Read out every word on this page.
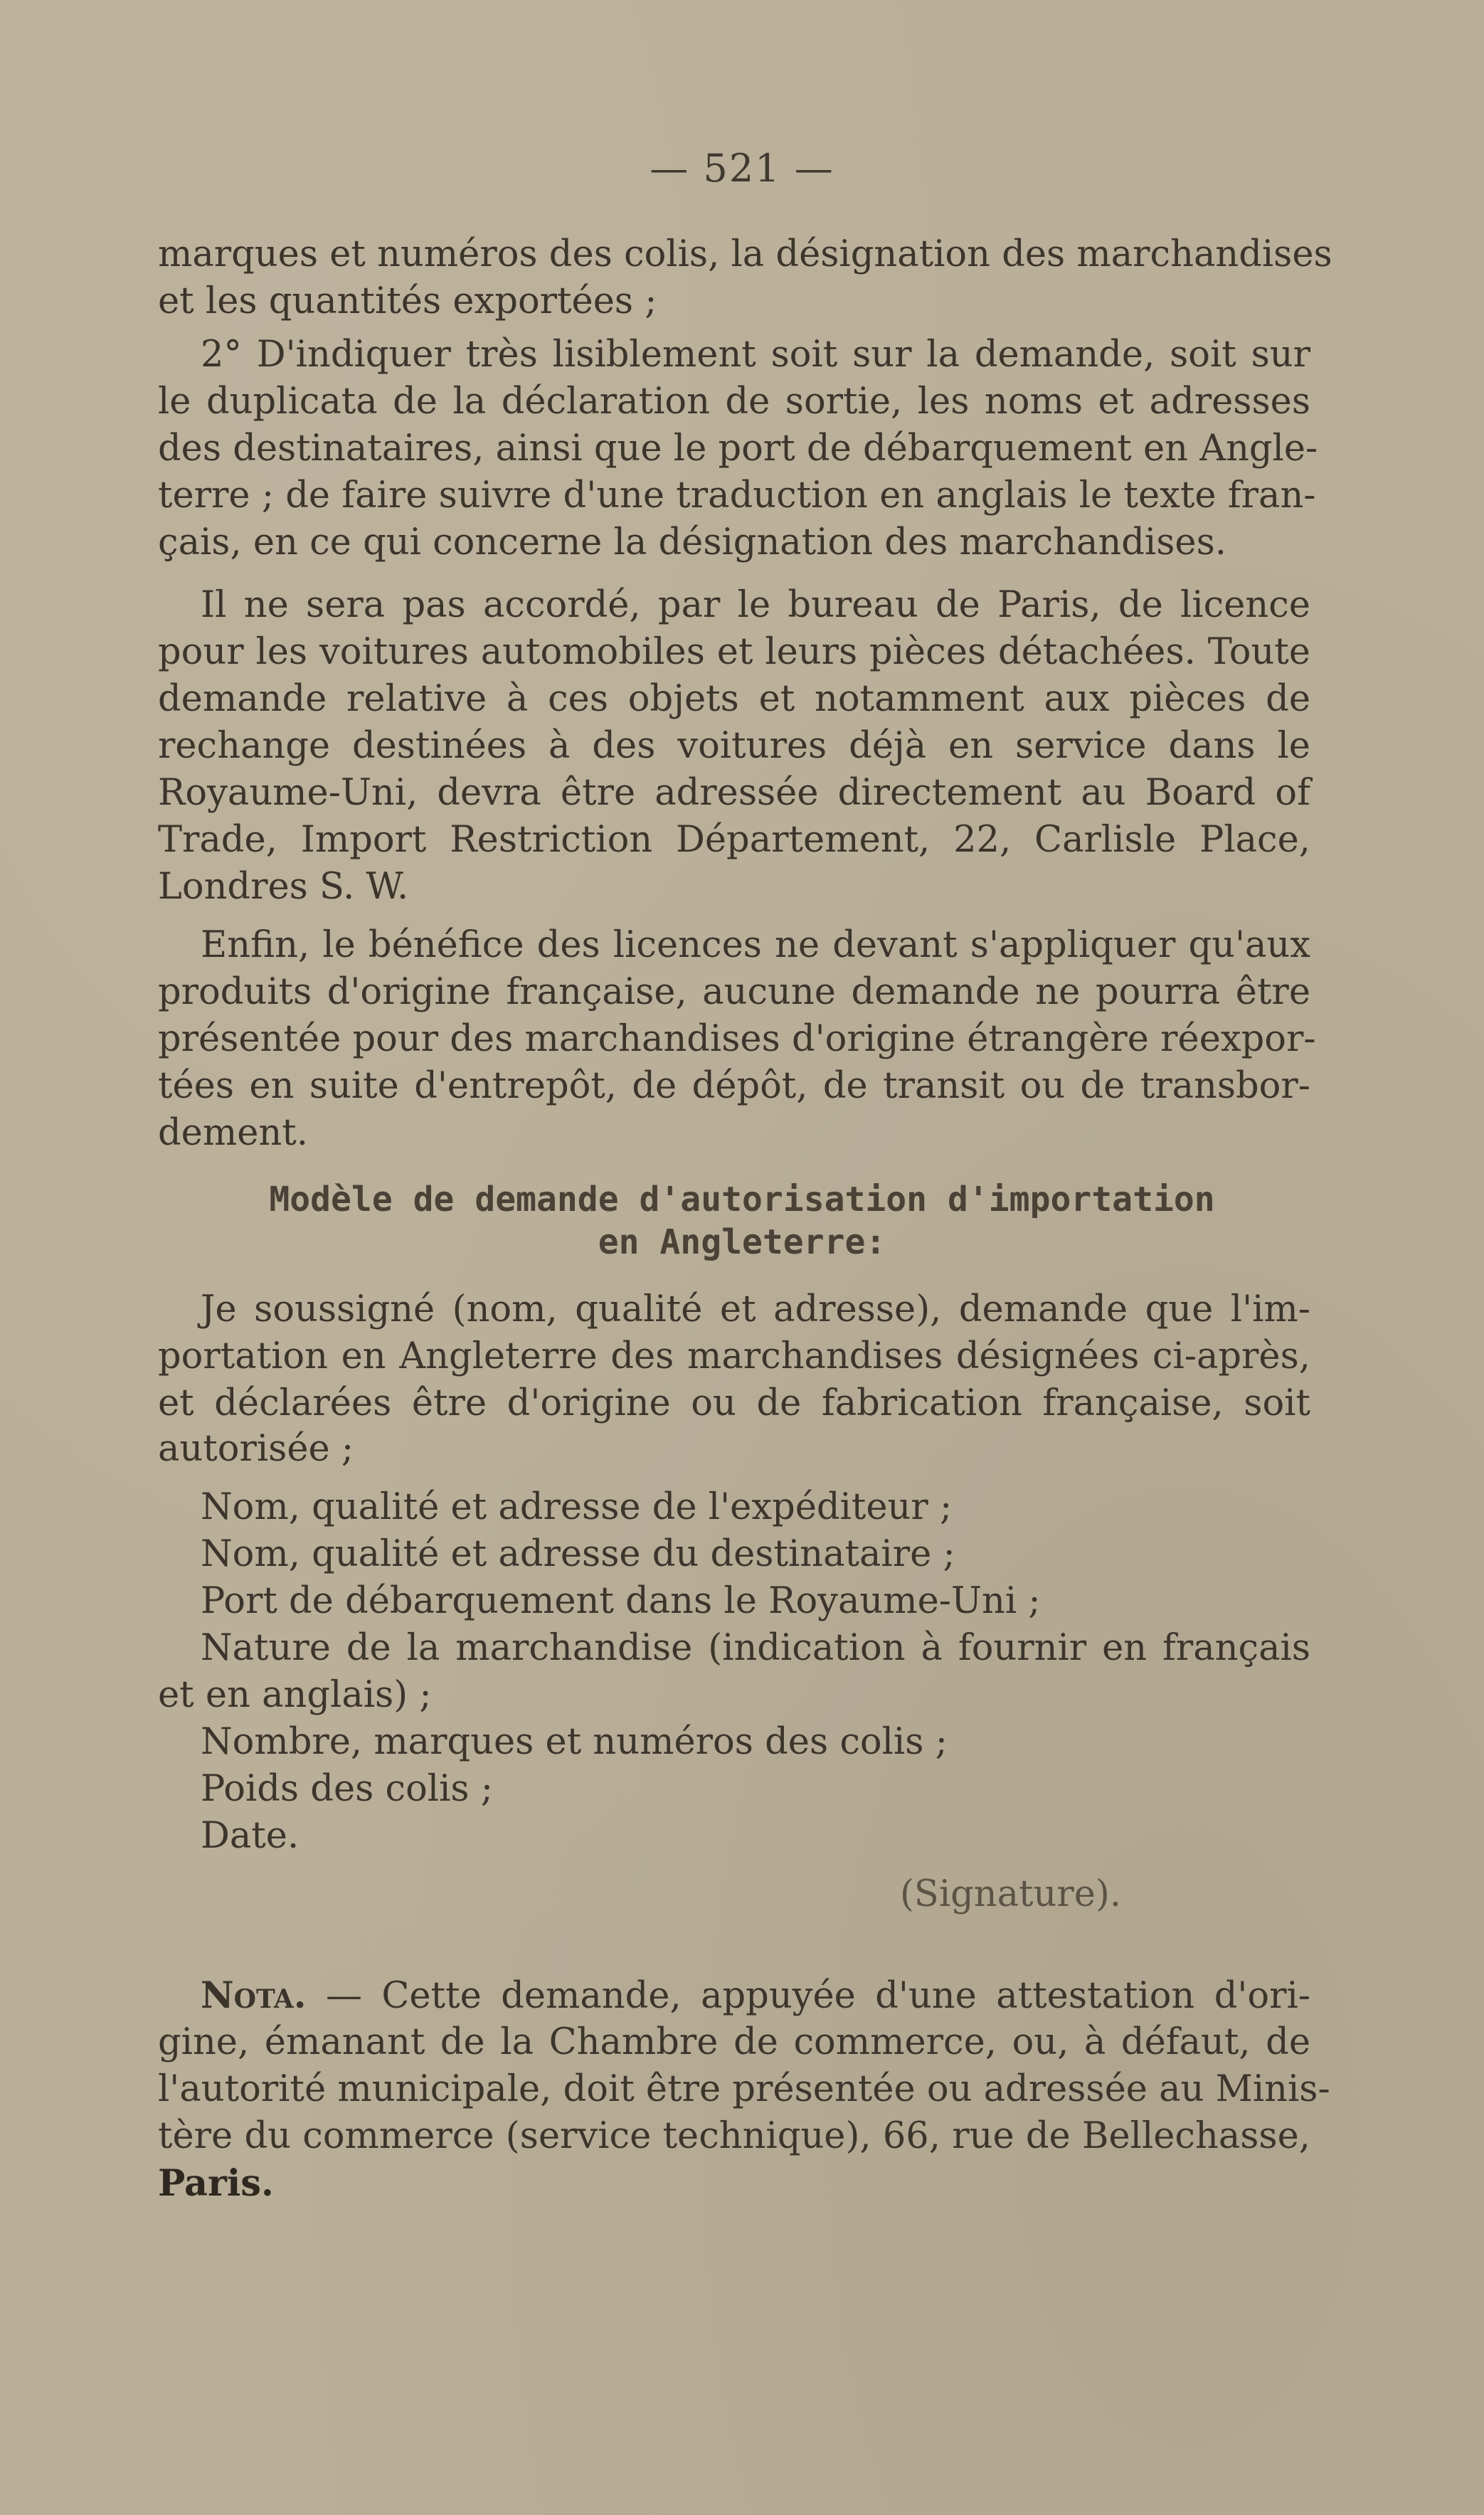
— 521 —
marques et numéros des colis, la désignation des marchandises
et les quantités exportées ;
2° D'indiquer très lisiblement soit sur la demande, soit sur
le duplicata de la déclaration de sortie, les noms et adresses
des destinataires, ainsi que le port de débarquement en Angle-
terre ; de faire suivre d'une traduction en anglais le texte fran-
çais, en ce qui concerne la désignation des marchandises.
Il ne sera pas accordé, par le bureau de Paris, de licence
pour les voitures automobiles et leurs pièces détachées. Toute
demande relative à ces objets et notamment aux pièces de
rechange destinées à des voitures déjà en service dans le
Royaume-Uni, devra être adressée directement au Board of
Trade, Import Restriction Département, 22, Carlisle Place,
Londres S. W.
Enfin, le bénéfice des licences ne devant s'appliquer qu'aux
produits d'origine française, aucune demande ne pourra être
présentée pour des marchandises d'origine étrangère réexpor-
tées en suite d'entrepôt, de dépôt, de transit ou de transbor-
dement.
Modèle de demande d'autorisation d'importation
en Angleterre:
Je soussigné (nom, qualité et adresse), demande que l'im-
portation en Angleterre des marchandises désignées ci-après,
et déclarées être d'origine ou de fabrication française, soit
autorisée ;
Nom, qualité et adresse de l'expéditeur ;
Nom, qualité et adresse du destinataire ;
Port de débarquement dans le Royaume-Uni ;
Nature de la marchandise (indication à fournir en français
et en anglais) ;
Nombre, marques et numéros des colis ;
Poids des colis ;
Date.
(Signature).
Nota. — Cette demande, appuyée d'une attestation d'ori-
gine, émanant de la Chambre de commerce, ou, à défaut, de
l'autorité municipale, doit être présentée ou adressée au Minis-
tère du commerce (service technique), 66, rue de Bellechasse,
Paris.
